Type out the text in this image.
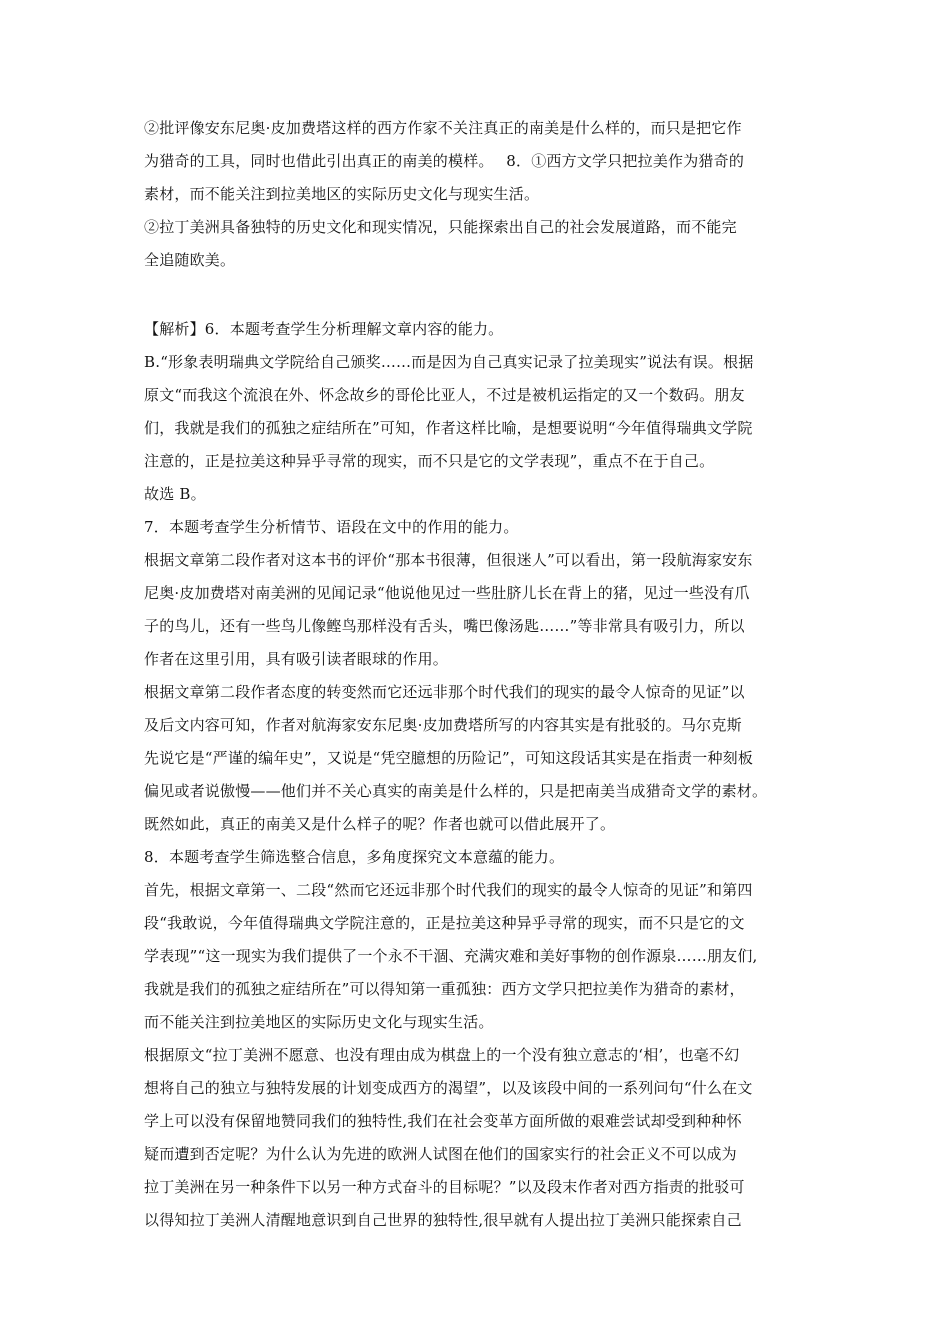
②批评像安东尼奥·皮加费塔这样的西方作家不关注真正的南美是什么样的，而只是把它作
为猎奇的工具，同时也借此引出真正的南美的模样。　 8．①西方文学只把拉美作为猎奇的
素材，而不能关注到拉美地区的实际历史文化与现实生活。
②拉丁美洲具备独特的历史文化和现实情况，只能探索出自己的社会发展道路，而不能完
全追随欧美。
【解析】6．本题考查学生分析理解文章内容的能力。
B.“形象表明瑞典文学院给自己颁奖……而是因为自己真实记录了拉美现实”说法有误。根据
原文“而我这个流浪在外、怀念故乡的哥伦比亚人，不过是被机运指定的又一个数码。朋友
们，我就是我们的孤独之症结所在”可知，作者这样比喻，是想要说明“今年值得瑞典文学院
注意的，正是拉美这种异乎寻常的现实，而不只是它的文学表现”，重点不在于自己。
故选 B。
7．本题考查学生分析情节、语段在文中的作用的能力。
根据文章第二段作者对这本书的评价“那本书很薄，但很迷人”可以看出，第一段航海家安东
尼奥·皮加费塔对南美洲的见闻记录“他说他见过一些肚脐儿长在背上的猪，见过一些没有爪
子的鸟儿，还有一些鸟儿像鲣鸟那样没有舌头，嘴巴像汤匙……”等非常具有吸引力，所以
作者在这里引用，具有吸引读者眼球的作用。
根据文章第二段作者态度的转变然而它还远非那个时代我们的现实的最令人惊奇的见证”以
及后文内容可知，作者对航海家安东尼奥·皮加费塔所写的内容其实是有批驳的。马尔克斯
先说它是“严谨的编年史”，又说是“凭空臆想的历险记”，可知这段话其实是在指责一种刻板
偏见或者说傲慢——他们并不关心真实的南美是什么样的，只是把南美当成猎奇文学的素材。
既然如此，真正的南美又是什么样子的呢？作者也就可以借此展开了。
8．本题考查学生筛选整合信息，多角度探究文本意蕴的能力。
首先，根据文章第一、二段“然而它还远非那个时代我们的现实的最令人惊奇的见证”和第四
段“我敢说，今年值得瑞典文学院注意的，正是拉美这种异乎寻常的现实，而不只是它的文
学表现”“这一现实为我们提供了一个永不干涸、充满灾难和美好事物的创作源泉……朋友们,
我就是我们的孤独之症结所在”可以得知第一重孤独：西方文学只把拉美作为猎奇的素材，
而不能关注到拉美地区的实际历史文化与现实生活。
根据原文“拉丁美洲不愿意、也没有理由成为棋盘上的一个没有独立意志的‘相’，也毫不幻
想将自己的独立与独特发展的计划变成西方的渴望”，以及该段中间的一系列问句“什么在文
学上可以没有保留地赞同我们的独特性,我们在社会变革方面所做的艰难尝试却受到种种怀
疑而遭到否定呢？为什么认为先进的欧洲人试图在他们的国家实行的社会正义不可以成为
拉丁美洲在另一种条件下以另一种方式奋斗的目标呢？”以及段末作者对西方指责的批驳可
以得知拉丁美洲人清醒地意识到自己世界的独特性,很早就有人提出拉丁美洲只能探索自己
